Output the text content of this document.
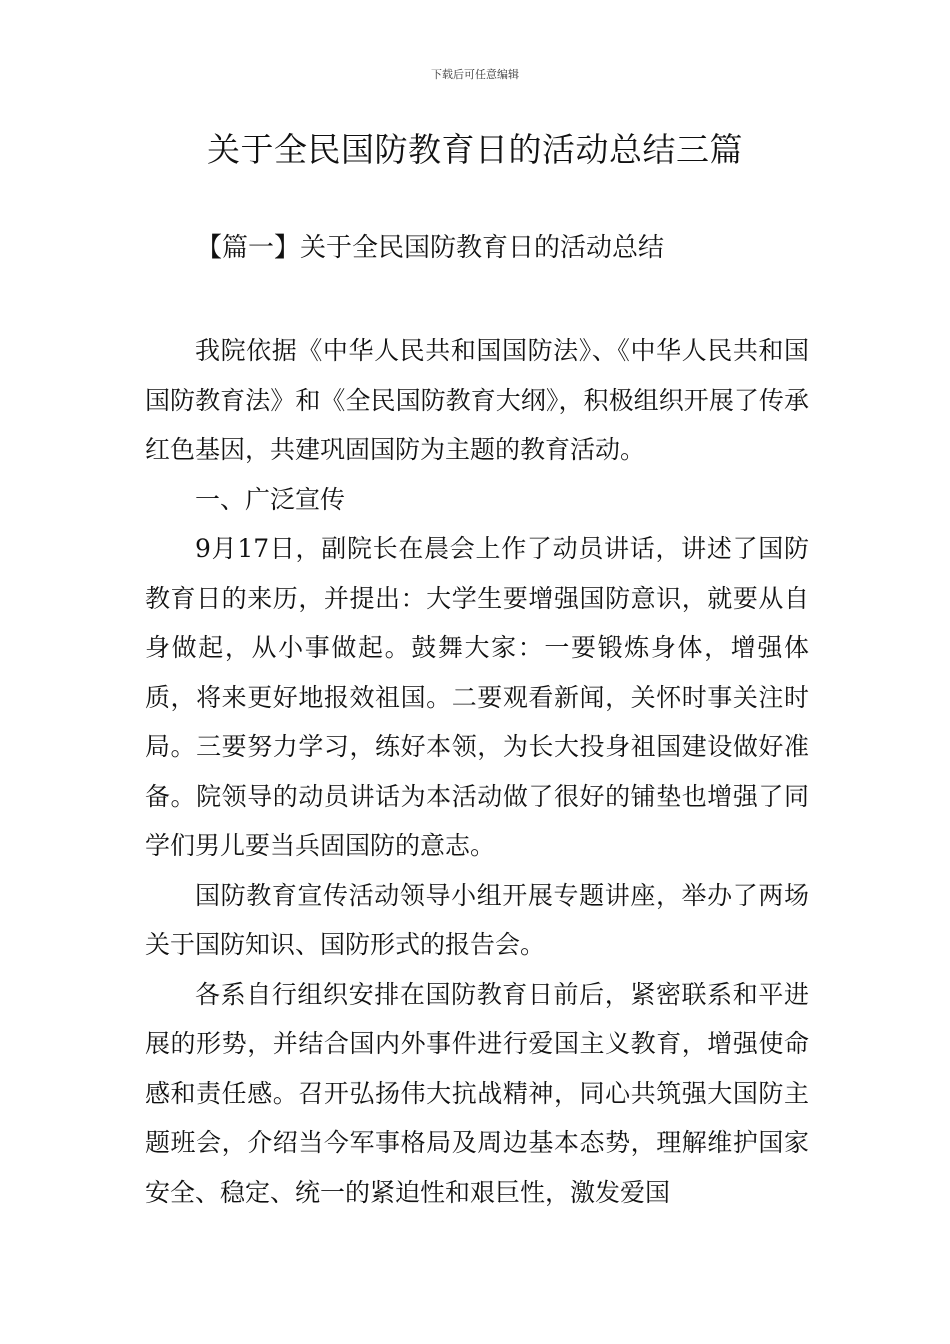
下载后可任意编辑
关于全民国防教育日的活动总结三篇
【篇一】关于全民国防教育日的活动总结

我院依据《中华人民共和国国防法》、《中华人民共和国国防教育法》和《全民国防教育大纲》，积极组织开展了传承红色基因，共建巩固国防为主题的教育活动。

一、广泛宣传

9月17日，副院长在晨会上作了动员讲话，讲述了国防教育日的来历，并提出：大学生要增强国防意识，就要从自身做起，从小事做起。鼓舞大家：一要锻炼身体，增强体质，将来更好地报效祖国。二要观看新闻，关怀时事关注时局。三要努力学习，练好本领，为长大投身祖国建设做好准备。院领导的动员讲话为本活动做了很好的铺垫也增强了同学们男儿要当兵固国防的意志。

国防教育宣传活动领导小组开展专题讲座，举办了两场关于国防知识、国防形式的报告会。

各系自行组织安排在国防教育日前后，紧密联系和平进展的形势，并结合国内外事件进行爱国主义教育，增强使命感和责任感。召开弘扬伟大抗战精神，同心共筑强大国防主题班会，介绍当今军事格局及周边基本态势，理解维护国家安全、稳定、统一的紧迫性和艰巨性，激发爱国
